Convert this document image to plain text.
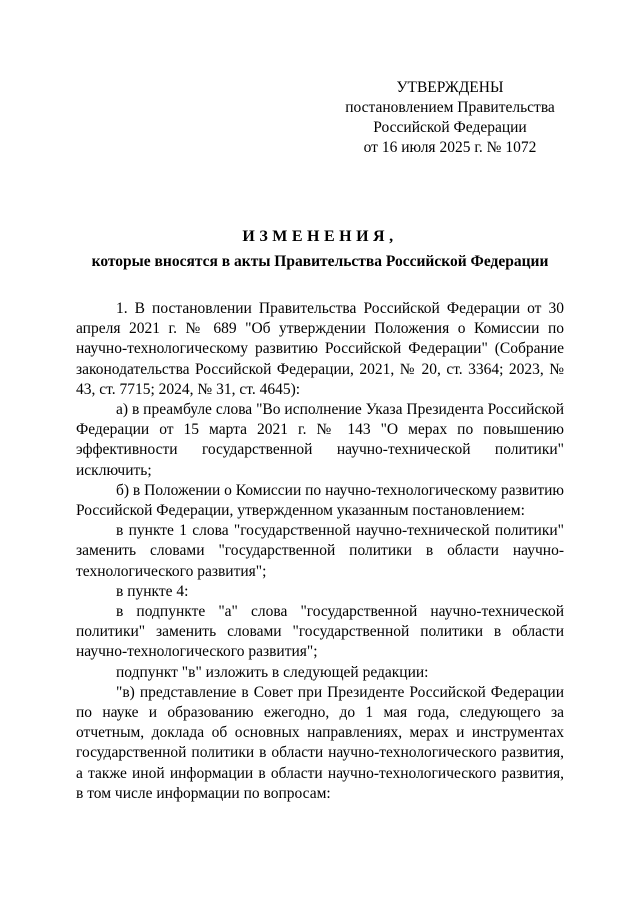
УТВЕРЖДЕНЫ
постановлением Правительства
Российской Федерации
от 16 июля 2025 г. № 1072
ИЗМЕНЕНИЯ,
которые вносятся в акты Правительства Российской Федерации

1. В постановлении Правительства Российской Федерации от 30 апреля 2021 г. № 689 "Об утверждении Положения о Комиссии по научно-технологическому развитию Российской Федерации" (Собрание законодательства Российской Федерации, 2021, № 20, ст. 3364; 2023, № 43, ст. 7715; 2024, № 31, ст. 4645):

а) в преамбуле слова "Во исполнение Указа Президента Российской Федерации от 15 марта 2021 г. № 143 "О мерах по повышению эффективности государственной научно-технической политики" исключить;

б) в Положении о Комиссии по научно-технологическому развитию Российской Федерации, утвержденном указанным постановлением:

в пункте 1 слова "государственной научно-технической политики" заменить словами "государственной политики в области научно-технологического развития";

в пункте 4:

в подпункте "а" слова "государственной научно-технической политики" заменить словами "государственной политики в области научно-технологического развития";

подпункт "в" изложить в следующей редакции:

"в) представление в Совет при Президенте Российской Федерации по науке и образованию ежегодно, до 1 мая года, следующего за отчетным, доклада об основных направлениях, мерах и инструментах государственной политики в области научно-технологического развития, а также иной информации в области научно-технологического развития, в том числе информации по вопросам:
